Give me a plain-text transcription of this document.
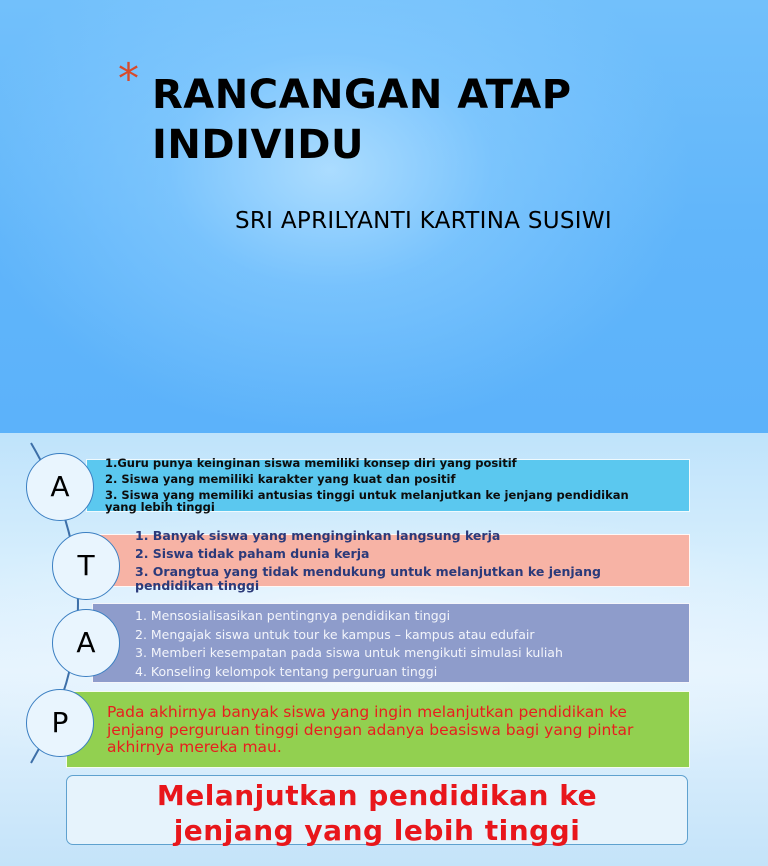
* RANCANGAN ATAP
INDIVIDU
SRI APRILYANTI KARTINA SUSIWI
1.Guru punya keinginan siswa memiliki konsep diri yang positif
2. Siswa yang memiliki karakter yang kuat dan positif
3. Siswa yang memiliki antusias tinggi untuk melanjutkan ke jenjang pendidikan
yang lebih tinggi
1. Banyak siswa yang menginginkan langsung kerja
2. Siswa tidak paham dunia kerja
3. Orangtua yang tidak mendukung untuk melanjutkan ke jenjang
pendidikan tinggi
1. Mensosialisasikan pentingnya pendidikan tinggi
2. Mengajak siswa untuk tour ke kampus – kampus atau edufair
3. Memberi kesempatan pada siswa untuk mengikuti simulasi kuliah
4. Konseling kelompok tentang perguruan tinggi
Pada akhirnya banyak siswa yang ingin melanjutkan pendidikan ke
jenjang perguruan tinggi dengan adanya beasiswa bagi yang pintar
akhirnya mereka mau.
Melanjutkan pendidikan ke
jenjang yang lebih tinggi
A
T
A
P
